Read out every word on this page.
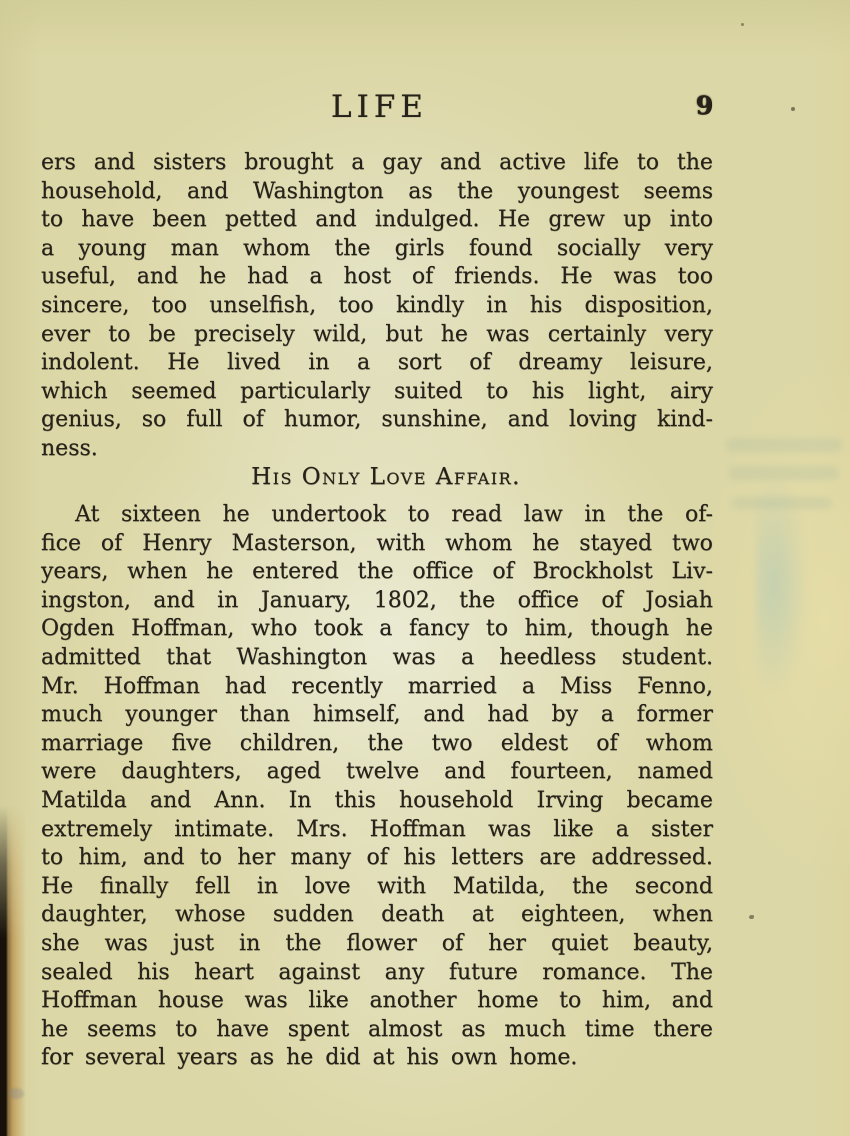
LIFE	9
ers and sisters brought a gay and active life to the
household, and Washington as the youngest seems
to have been petted and indulged. He grew up into
a young man whom the girls found socially very
useful, and he had a host of friends. He was too
sincere, too unselfish, too kindly in his disposition,
ever to be precisely wild, but he was certainly very
indolent. He lived in a sort of dreamy leisure,
which seemed particularly suited to his light, airy
genius, so full of humor, sunshine, and loving kind-
ness.
His Only Love Affair.
At sixteen he undertook to read law in the of-
fice of Henry Masterson, with whom he stayed two
years, when he entered the office of Brockholst Liv-
ingston, and in January, 1802, the office of Josiah
Ogden Hoffman, who took a fancy to him, though he
admitted that Washington was a heedless student.
Mr. Hoffman had recently married a Miss Fenno,
much younger than himself, and had by a former
marriage five children, the two eldest of whom
were daughters, aged twelve and fourteen, named
Matilda and Ann. In this household Irving became
extremely intimate. Mrs. Hoffman was like a sister
to him, and to her many of his letters are addressed.
He finally fell in love with Matilda, the second
daughter, whose sudden death at eighteen, when
she was just in the flower of her quiet beauty,
sealed his heart against any future romance. The
Hoffman house was like another home to him, and
he seems to have spent almost as much time there
for several years as he did at his own home.
